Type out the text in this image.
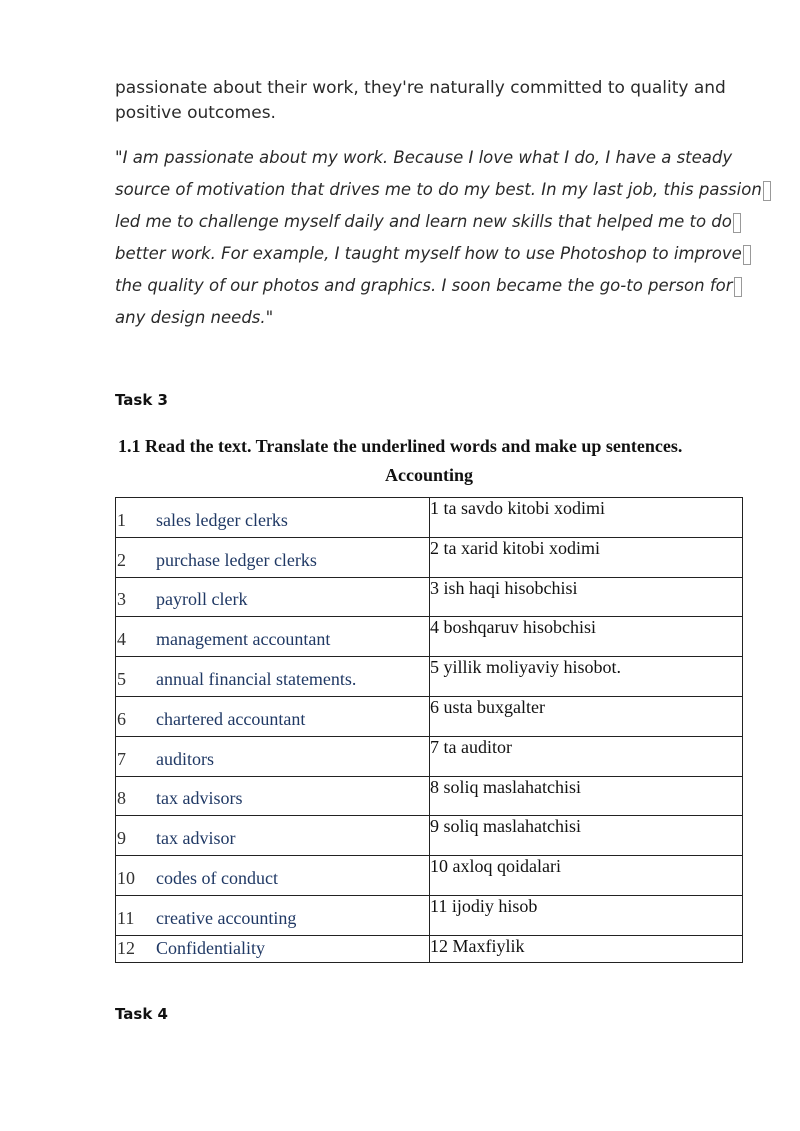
passionate about their work, they're naturally committed to quality and
positive outcomes.
"I am passionate about my work. Because I love what I do, I have a steady
source of motivation that drives me to do my best. In my last job, this passion
led me to challenge myself daily and learn new skills that helped me to do
better work. For example, I taught myself how to use Photoshop to improve
the quality of our photos and graphics. I soon became the go-to person for
any design needs."
Task 3
1.1 Read the text. Translate the underlined words and make up sentences.
Accounting
1 sales ledger clerks	1 ta savdo kitobi xodimi

2 purchase ledger clerks	2 ta xarid kitobi xodimi

3 payroll clerk	3 ish haqi hisobchisi

4 management accountant	4 boshqaruv hisobchisi

5 annual financial statements.	5 yillik moliyaviy hisobot.

6 chartered accountant	6 usta buxgalter

7 auditors	7 ta auditor

8 tax advisors	8 soliq maslahatchisi

9 tax advisor	9 soliq maslahatchisi

10 codes of conduct	10 axloq qoidalari

11 creative accounting	11 ijodiy hisob

12 Confidentiality	12 Maxfiylik
Task 4
